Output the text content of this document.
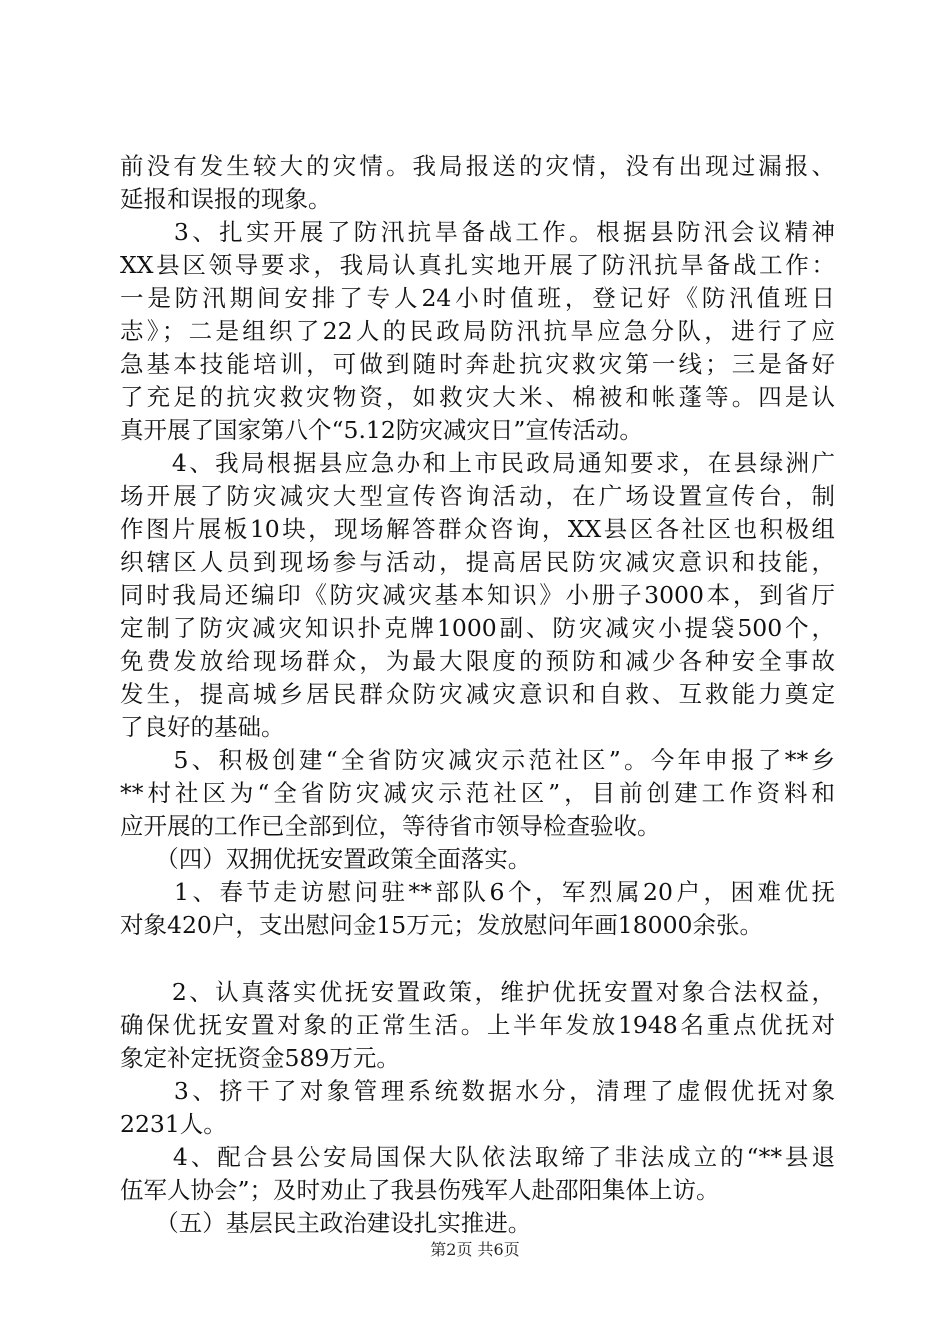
前没有发生较大的灾情。我局报送的灾情，没有出现过漏报、
延报和误报的现象。
　　3、扎实开展了防汛抗旱备战工作。根据县防汛会议精神
XX县区领导要求，我局认真扎实地开展了防汛抗旱备战工作：
一是防汛期间安排了专人24小时值班，登记好《防汛值班日
志》；二是组织了22人的民政局防汛抗旱应急分队，进行了应
急基本技能培训，可做到随时奔赴抗灾救灾第一线；三是备好
了充足的抗灾救灾物资，如救灾大米、棉被和帐蓬等。四是认
真开展了国家第八个“5.12防灾减灾日”宣传活动。
　　4、我局根据县应急办和上市民政局通知要求，在县绿洲广
场开展了防灾减灾大型宣传咨询活动，在广场设置宣传台，制
作图片展板10块，现场解答群众咨询，XX县区各社区也积极组
织辖区人员到现场参与活动，提高居民防灾减灾意识和技能，
同时我局还编印《防灾减灾基本知识》小册子3000本，到省厅
定制了防灾减灾知识扑克牌1000副、防灾减灾小提袋500个，
免费发放给现场群众，为最大限度的预防和减少各种安全事故
发生，提高城乡居民群众防灾减灾意识和自救、互救能力奠定
了良好的基础。
　　5、积极创建“全省防灾减灾示范社区”。今年申报了**乡
**村社区为“全省防灾减灾示范社区”，目前创建工作资料和
应开展的工作已全部到位，等待省市领导检查验收。
　　（四）双拥优抚安置政策全面落实。
　　1、春节走访慰问驻**部队6个，军烈属20户，困难优抚
对象420户，支出慰问金15万元；发放慰问年画18000余张。
　　2、认真落实优抚安置政策，维护优抚安置对象合法权益，
确保优抚安置对象的正常生活。上半年发放1948名重点优抚对
象定补定抚资金589万元。
　　3、挤干了对象管理系统数据水分，清理了虚假优抚对象
2231人。
　　4、配合县公安局国保大队依法取缔了非法成立的“**县退
伍军人协会”；及时劝止了我县伤残军人赴邵阳集体上访。
　　（五）基层民主政治建设扎实推进。
第2页 共6页
